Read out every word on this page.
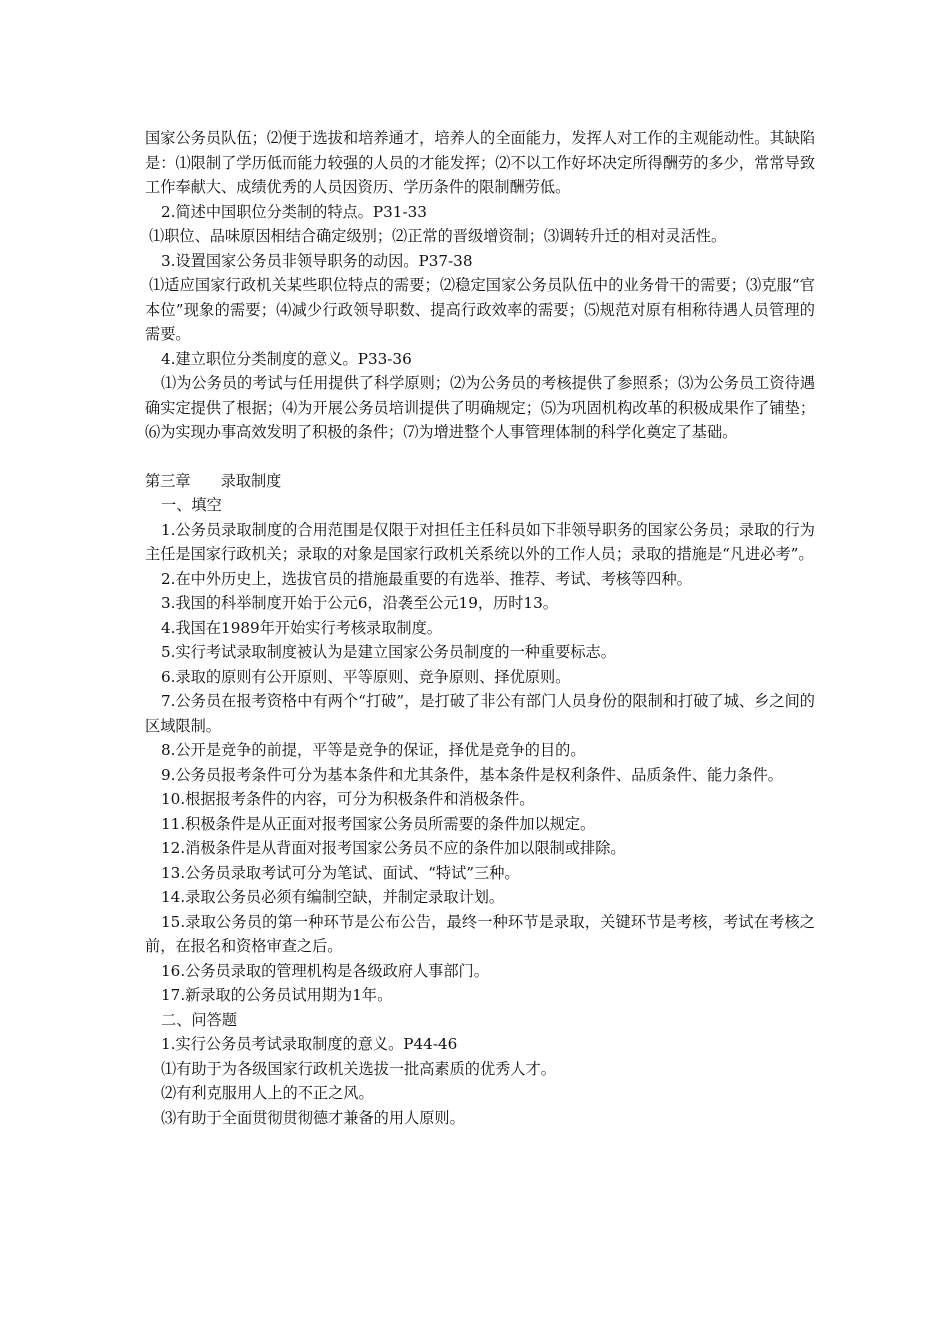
国家公务员队伍；⑵便于选拔和培养通才，培养人的全面能力，发挥人对工作的主观能动性。其缺陷是：⑴限制了学历低而能力较强的人员的才能发挥；⑵不以工作好坏决定所得酬劳的多少，常常导致工作奉献大、成绩优秀的人员因资历、学历条件的限制酬劳低。

2.简述中国职位分类制的特点。P31-33

⑴职位、品味原因相结合确定级别；⑵正常的晋级增资制；⑶调转升迁的相对灵活性。

3.设置国家公务员非领导职务的动因。P37-38

⑴适应国家行政机关某些职位特点的需要；⑵稳定国家公务员队伍中的业务骨干的需要；⑶克服“官本位”现象的需要；⑷减少行政领导职数、提高行政效率的需要；⑸规范对原有相称待遇人员管理的需要。

4.建立职位分类制度的意义。P33-36

⑴为公务员的考试与任用提供了科学原则；⑵为公务员的考核提供了参照系；⑶为公务员工资待遇确实定提供了根据；⑷为开展公务员培训提供了明确规定；⑸为巩固机构改革的积极成果作了铺垫；⑹为实现办事高效发明了积极的条件；⑺为增进整个人事管理体制的科学化奠定了基础。

第三章 录取制度

一、填空

1.公务员录取制度的合用范围是仅限于对担任主任科员如下非领导职务的国家公务员；录取的行为主任是国家行政机关；录取的对象是国家行政机关系统以外的工作人员；录取的措施是“凡进必考”。

2.在中外历史上，选拔官员的措施最重要的有选举、推荐、考试、考核等四种。

3.我国的科举制度开始于公元6，沿袭至公元19，历时13。

4.我国在1989年开始实行考核录取制度。

5.实行考试录取制度被认为是建立国家公务员制度的一种重要标志。

6.录取的原则有公开原则、平等原则、竞争原则、择优原则。

7.公务员在报考资格中有两个“打破”，是打破了非公有部门人员身份的限制和打破了城、乡之间的区域限制。

8.公开是竞争的前提，平等是竞争的保证，择优是竞争的目的。

9.公务员报考条件可分为基本条件和尤其条件，基本条件是权利条件、品质条件、能力条件。

10.根据报考条件的内容，可分为积极条件和消极条件。

11.积极条件是从正面对报考国家公务员所需要的条件加以规定。

12.消极条件是从背面对报考国家公务员不应的条件加以限制或排除。

13.公务员录取考试可分为笔试、面试、“特试”三种。

14.录取公务员必须有编制空缺，并制定录取计划。

15.录取公务员的第一种环节是公布公告，最终一种环节是录取，关键环节是考核，考试在考核之前，在报名和资格审查之后。

16.公务员录取的管理机构是各级政府人事部门。

17.新录取的公务员试用期为1年。

二、问答题

1.实行公务员考试录取制度的意义。P44-46

⑴有助于为各级国家行政机关选拔一批高素质的优秀人才。

⑵有利克服用人上的不正之风。

⑶有助于全面贯彻贯彻德才兼备的用人原则。
